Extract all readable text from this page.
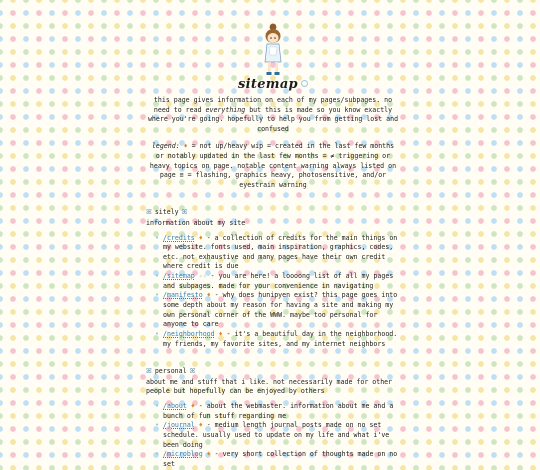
sitemap
this page gives information on each of my pages/subpages. no need to read everything but this is made so you know exactly where you're going. hopefully to help you from getting lost and confused
legend: ♦ = not up/heavy wip = created in the last few months or notably updated in the last few months = ≠ triggering or heavy topics on page. notable content warning always listed on page ≡ = flashing, graphics heavy, photosensitive, and/or eyestrain warning
ꕤ sitely ꕤ
information about my site
• /credits ♦ - a collection of credits for the main things on my website. fonts used, main inspiration, graphics, codes, etc. not exhaustive and many pages have their own credit where credit is due
• /sitemap ✧✧ - you are here! a loooong list of all my pages and subpages. made for your convenience in navigating
• /manifesto ♦ - why does hunipyen exist? this page goes into some depth about my reason for having a site and making my own personal corner of the WWW. maybe too personal for anyone to care
• /neighborhood ♦ - it's a beautiful day in the neighborhood. my friends, my favorite sites, and my internet neighbors
ꕤ personal ꕤ
about me and stuff that i like. not necessarily made for other people but hopefully can be enjoyed by others
• /about ♦ - about the webmaster. information about me and a bunch of fun stuff regarding me
• /journal ♦ - medium length journal posts made on no set schedule. usually used to update on my life and what i've been doing
• /microblog ♦ - very short collection of thoughts made on no set
